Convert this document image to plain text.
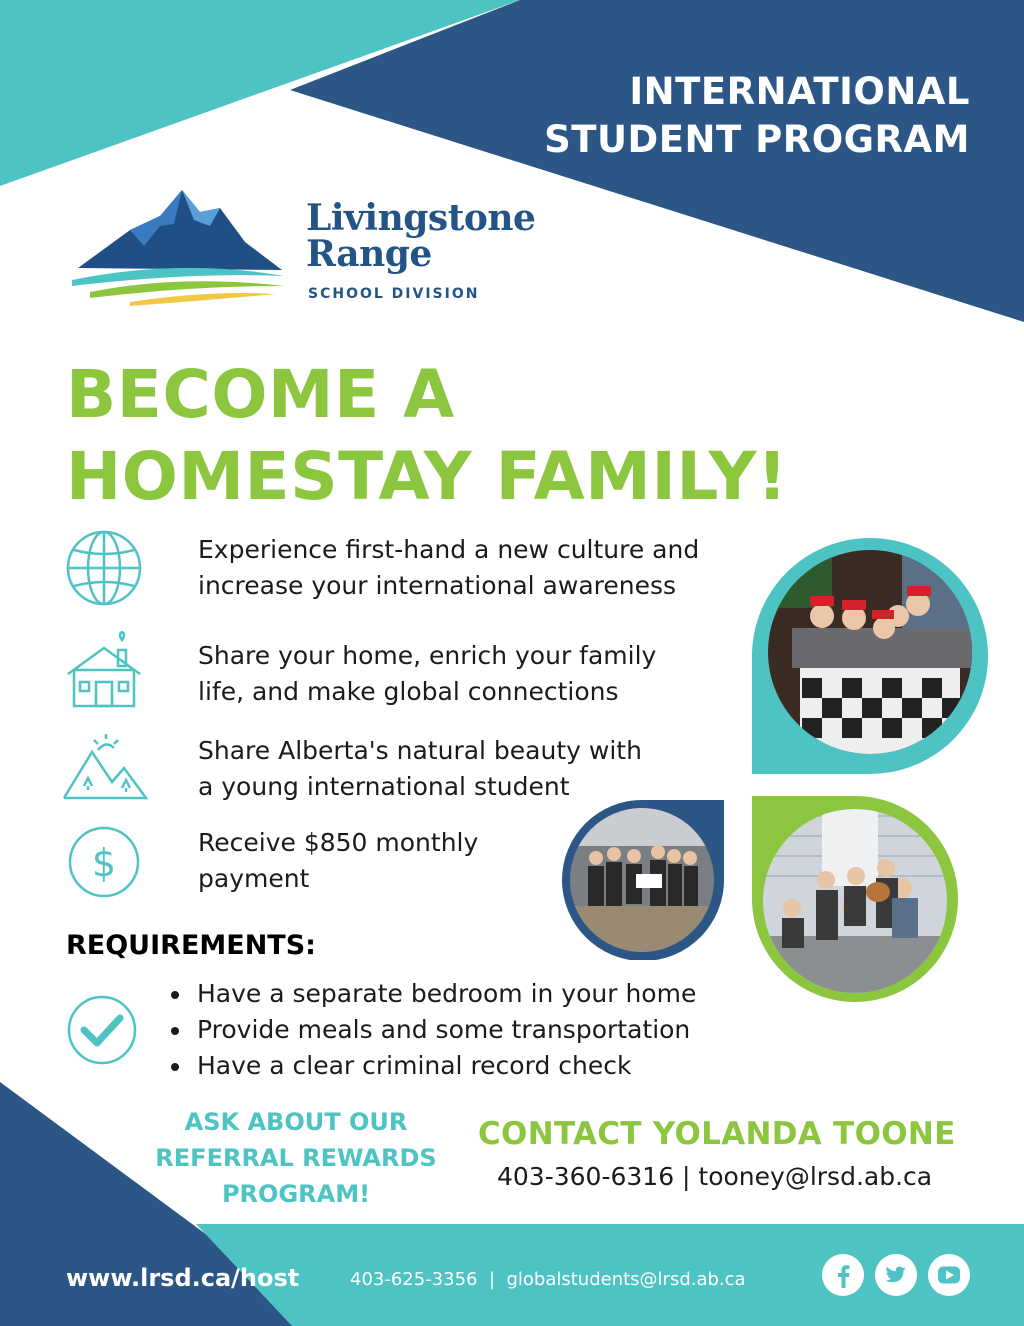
INTERNATIONAL
STUDENT PROGRAM
Livingstone
Range
SCHOOL DIVISION
BECOME A
HOMESTAY FAMILY!
Experience first-hand a new culture and
increase your international awareness
Share your home, enrich your family
life, and make global connections
Share Alberta's natural beauty with
a young international student
$	Receive $850 monthly
payment
REQUIREMENTS:
Have a separate bedroom in your home
Provide meals and some transportation
Have a clear criminal record check
ASK ABOUT OUR
REFERRAL REWARDS
PROGRAM!
CONTACT YOLANDA TOONE
403-360-6316 | tooney@lrsd.ab.ca
www.lrsd.ca/host	403-625-3356  |  globalstudents@lrsd.ab.ca
